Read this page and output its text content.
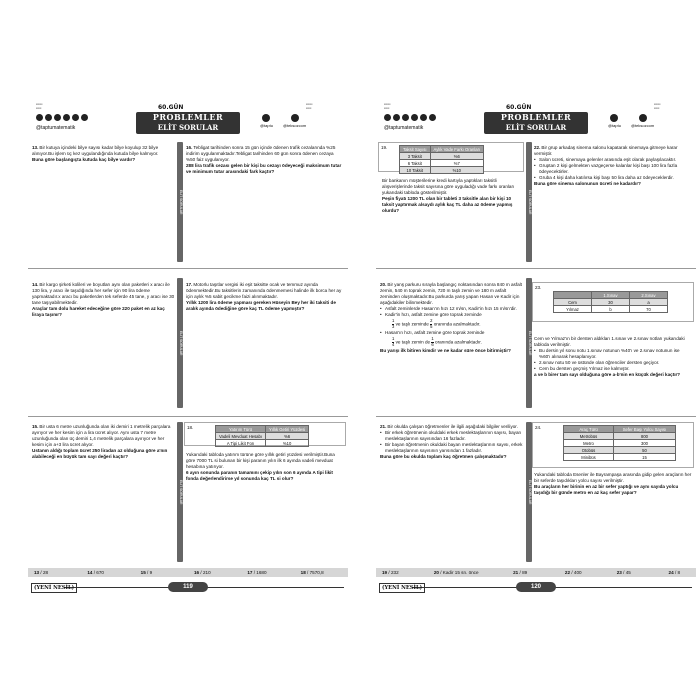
▪▪▪▪▪▪
▪▪▪▪▪
@taptumatematik
60.GÜN
PROBLEMLER
ELİT SORULAR	@taptu	@teksozcom
▪▪▪▪▪▪
▪▪▪▪▪
13.Bir kutuya içindeki bilye sayısı kadar bilye koyulup 32 bilye alınıyor.Bu işlem üç kez uygulandığında kutuda bilye kalmıyor.
Buna göre başlangıçta kutuda kaç bilye vardır?
ELİT SORULAR
16.Tebligat tarihinden sonra 15 gün içinde ödenen trafik cezalarında %25 indirim uygulanmaktadır.Tebligat tarihinden 60 gün sonra ödenen cezaya %50 faiz uygulanıyor.
288 lira trafik cezası gelen bir kişi bu cezayı ödeyeceği maksimum tutar ve minimum tutar arasındaki fark kaçtır?
14.Bir kargo şirketi kolileri ve boyutları aynı olan paketleri x aracı ile 130 lira, y aracı ile taşıdığında her sefer için 90 lira ödeme yapmaktadır.x aracı bu paketlerden tek seferde 45 tane, y aracı ise 30 tane taşıyabilmektedir.
Araçlar tam dolu hareket edeceğine göre 220 paket en az kaç liraya taşınır?
ELİT SORULAR
17.Motorlu taşıtlar vergisi iki eşit taksitte ocak ve temmuz ayında ödenmektedir.Bu taksitlerin zamanında ödenmemesi halinde ilk borca her ay için aylık %5 sabit gecikme faizi alınmaktadır.
Yıllık 1200 lira ödeme yapması gereken Hüseyin Bey her iki taksiti de aralık ayında ödediğine göre kaç TL ödeme yapmıştır?
15.Bir usta 6 metre uzunluğunda olan iki demiri 1 metrelik parçalara ayırıyor ve her kesim için a lira ücret alıyor. Aynı usta 7 metre uzunluğunda olan üç demiri 1,4 metrelik parçalara ayırıyor ve her kesim için a+3 lira ücret alıyor.
Ustanın aldığı toplam ücret 250 liradan az olduğuna göre a'nın alabileceği en büyük tam sayı değeri kaçtır?
ELİT SORULAR
18.	Yatırım Türü	Yıllık Getiri Yüzdesi
Vadeli Mevduat Hesabı	%6
A Tipi Likit Fon	%10
Yukarıdaki tabloda yatırım türüne göre yıllık getiri yüzdesi verilmiştir.Buna göre 7000 TL si bulunan bir kişi paranın yılın ilk 6 ayında vadeli mevduat hesabına yatırıyor.
6 ayın sonunda paranın tamamını çekip yılın son 6 ayında A tipi likit fonda değerlendirirse yıl sonunda kaç TL si olur?
13 / 28	14 / 670	15 / 9	16 / 210	17 / 1680	18 / 7570,8
(YENİ NESİL)	119
▪▪▪▪▪▪
▪▪▪▪▪
@taptumatematik
60.GÜN
PROBLEMLER
ELİT SORULAR	@taptu	@teksozcom
▪▪▪▪▪▪
▪▪▪▪▪
19.	Taksit Sayısı	Aylık Vade Farkı Oranları
3 Taksit	%6
6 Taksit	%7
10 Taksit	%10
Bir bankanın müşterilerine kredi kartıyla yaptıkları taksitli alışverişlerinde taksit sayısına göre uyguladığı vade farkı oranları yukarıdaki tabloda gösterilmiştir.
Peşin fiyatı 1200 TL olan bir tableti 3 taksitle alan bir kişi 10 taksit yaptırmak alsaydı aylık kaç TL daha az ödeme yapmış olurdu?	ELİT SORULAR
22.Bir grup arkadaş sinema salonu kapatarak sinemaya gitmeye karar vermiştir.
• Salon ücreti, sinemaya gelenler arasında eşit olarak paylaşılacaktır.
• Gruptan 2 kişi gelmekten vazgeçerse kalanlar kişi başı 100 lira fazla ödeyecektirler.
• Gruba 4 kişi daha katılırsa kişi başı 50 lira daha az ödeyeceklerdir.
Buna göre sinema salonunun ücreti ne kadardır?
20.Bir yanş parkuru sırayla başlangıç noktasından sonra 840 m asfalt zemin, 540 m toprak zemin, 720 m taşlı zemin ve 180 m asfalt zeminden oluşmaktadır.Bu parkurda yarış yapan Hasan ve Kadir için aşağıdakiler bilinmektedir.
• Asfalt zeminlerde Hasan'ın hızı 12 m/sn, Kadir'in hızı 15 m/sn'dir.
• Kadir'in hızı, asfalt zemine göre toprak zeminde
$\frac{1}{3}$ ve taşlı zeminde $\frac{2}{5}$ oranında azalmaktadır.
• Hasan'ın hızı, asfalt zemine göre toprak zeminde
$\frac{1}{4}$ ve taşlı zemin de $\frac{1}{6}$ oranında azalmaktadır.
Bu yarışı ilk bitiren kimdir ve ne kadar süre önce bitirmiştir?	ELİT SORULAR
23.
	1.Sınav	2.Sınav
Cem	30	a
Yılmaz	b	70
Cem ve Yılmaz'ın bir dersten aldıkları 1.sınav ve 2.sınav notları yukarıdaki tabloda verilmiştir.
• Bu dersin yıl sonu notu 1.sınav notunun %40'ı ve 2.sınav notunun ise %60'ı alınarak hesaplanıyor.
• 2.sınav notu 50 ve üstünde olan öğrenciler dersten geçiyor.
• Cem bu dersten geçmiş Yılmaz ise kalmıştır.
a ve b birer tam sayı olduğuna göre a-b'nin en küçük değeri kaçtır?
21.Bir okulda çalışan öğretmenler ile ilgili aşağıdaki bilgiler veriliyor.
• Bir erkek öğretmenin okuldaki erkek meslektaşlarının sayısı, bayan meslektaşlarının sayısından 16 fazladır.
• Bir bayan öğretmenin okuldaki bayan meslektaşlarının sayısı, erkek meslektaşlarının sayısının yarısından 1 fazladır.
Buna göre bu okulda toplam kaç öğretmen çalışmaktadır?
ELİT SORULAR
24.	Araç Türü	Sefer Başı Yolcu Sayısı
Metrobüs	800
Metro	300
Otobüs	50
Minibüs	15
Yukarıdaki tabloda Esenler ile Bayrampaşa arasında gidip gelen araçların her bir seferde taşıdıkları yolcu sayısı verilmiştir.
Bu araçların her birinin en az bir sefer yaptığı ve aynı sayıda yolcu taşıdığı bir günde metro en az kaç sefer yapar?
19 / 232	20 / Kadir 15 sn. önce	21 / 89	22 / 400	23 / 45	24 / 8
(YENİ NESİL)	120
